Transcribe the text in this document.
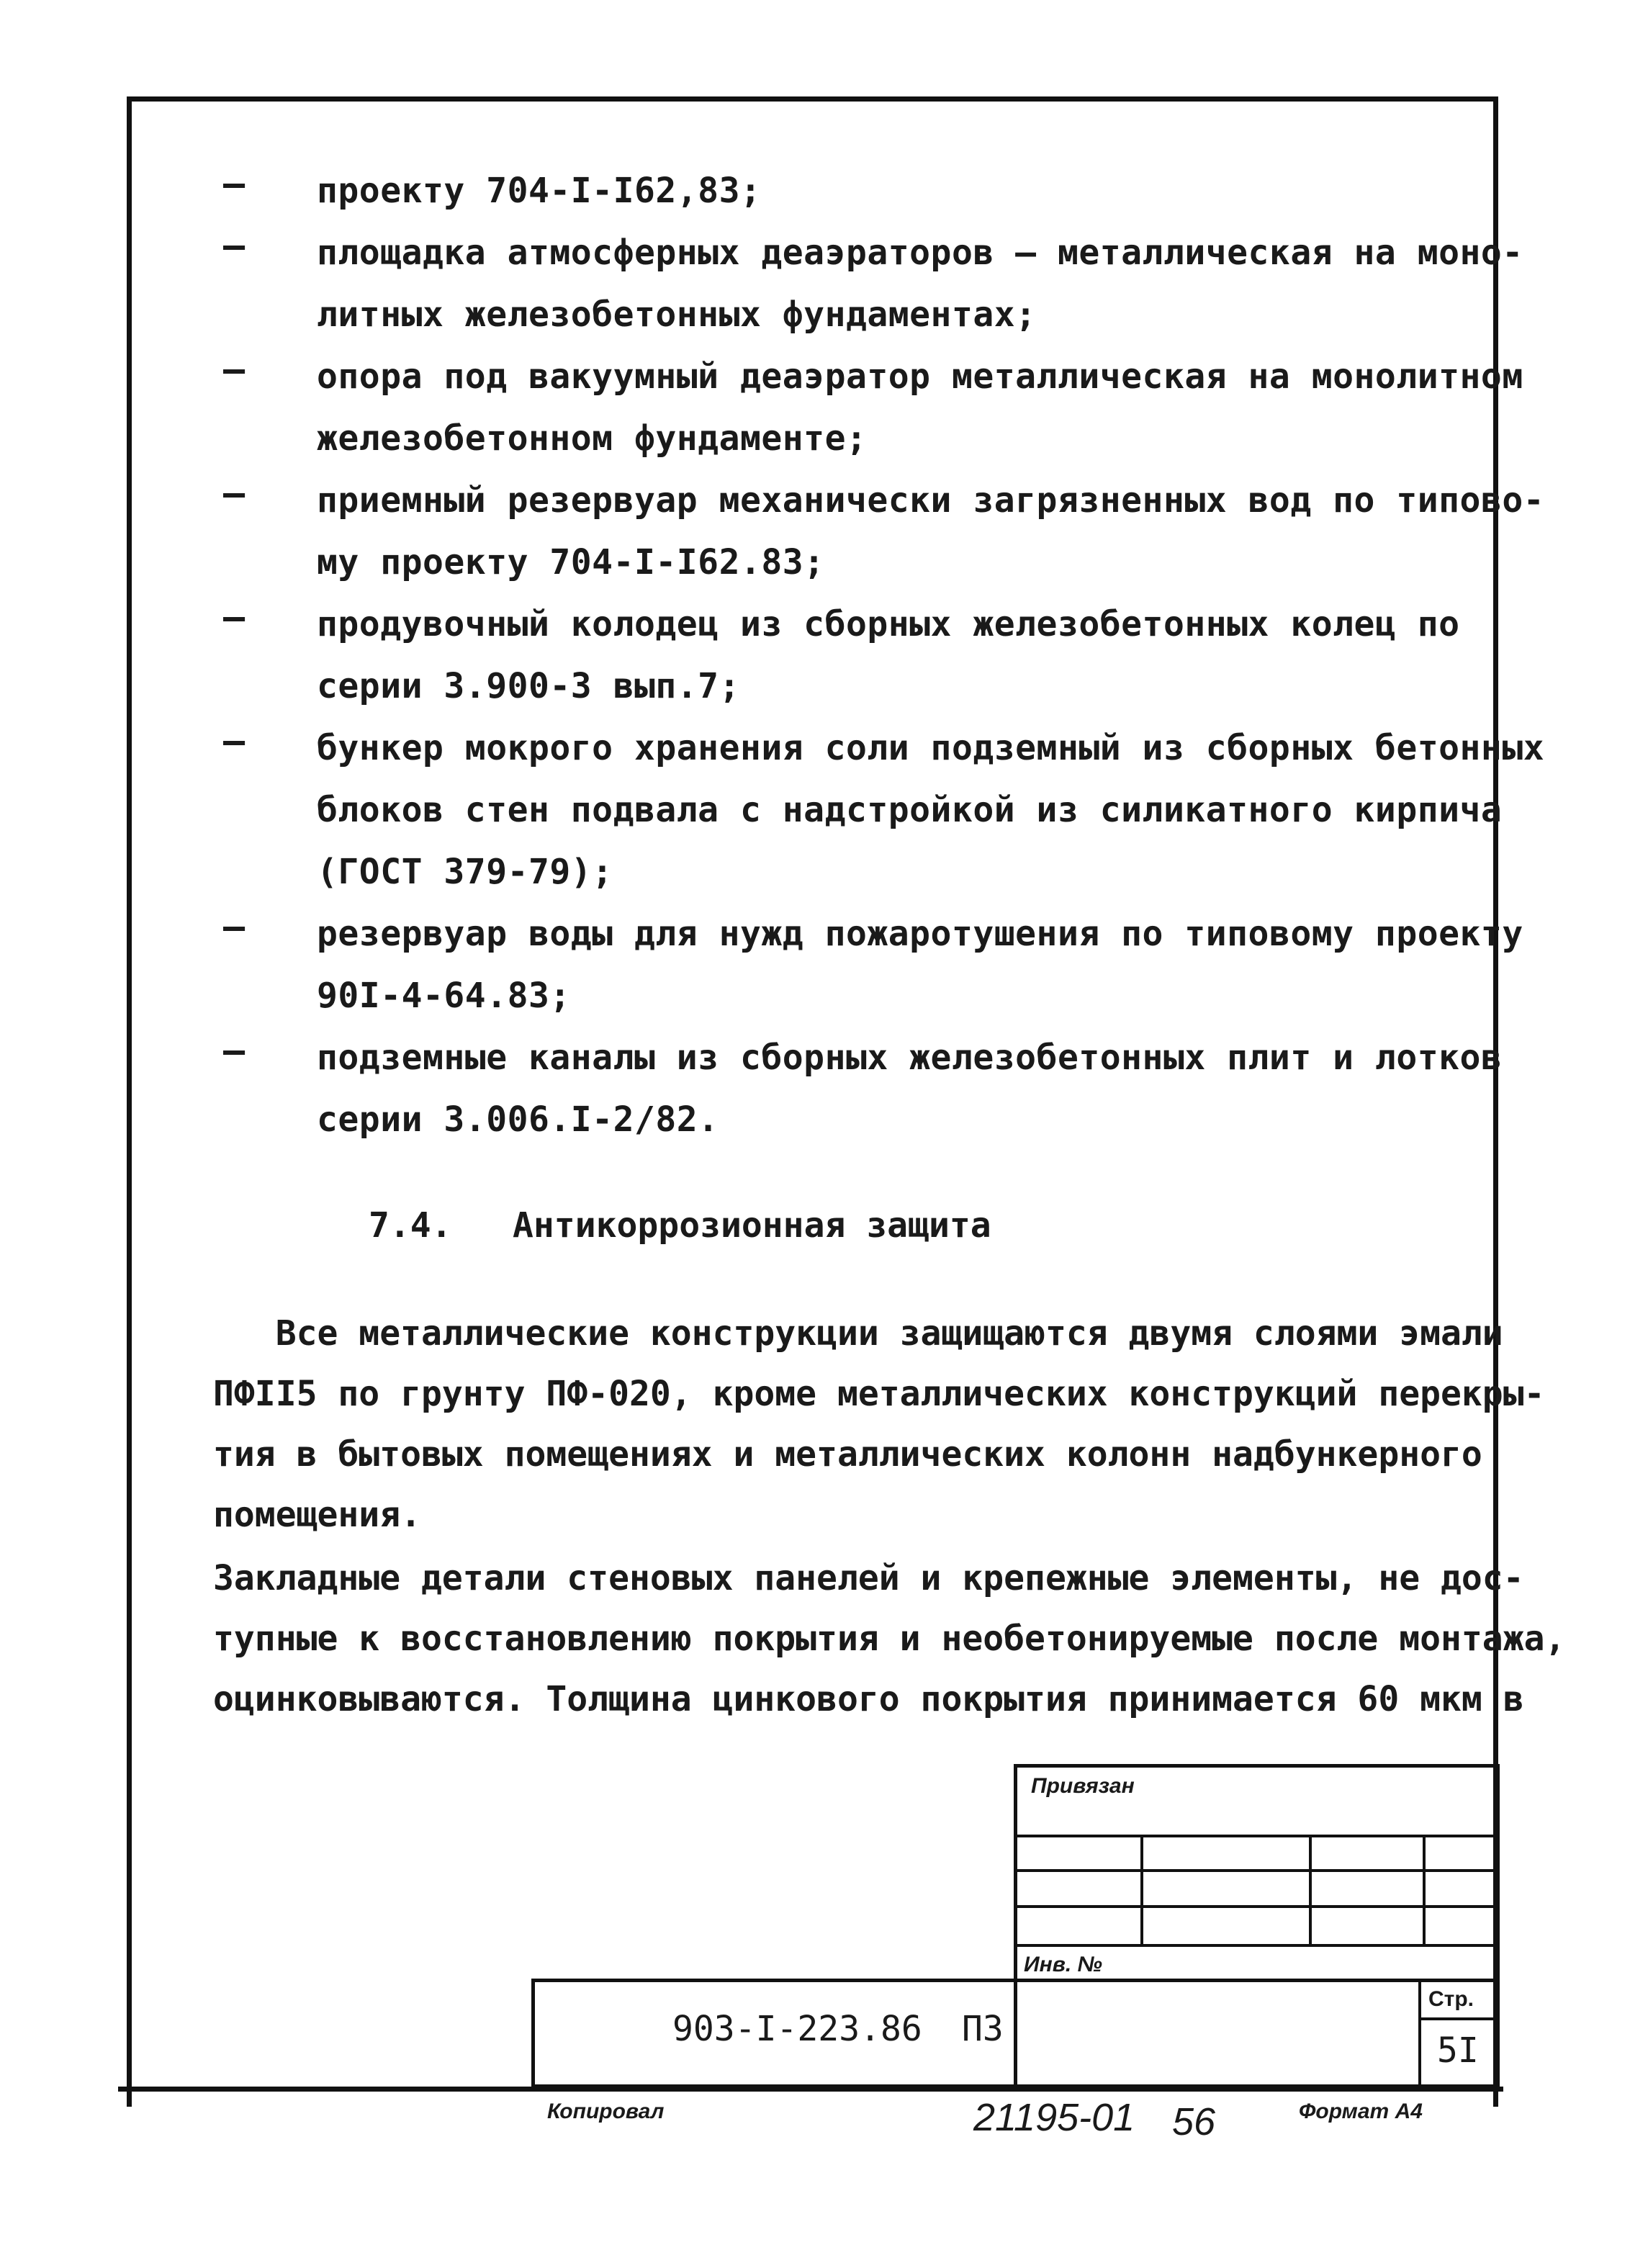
– проекту 704-I-I62,83;
– площадка атмосферных деаэраторов – металлическая на моно-
литных железобетонных фундаментах;
– опора под вакуумный деаэратор металлическая на монолитном
железобетонном фундаменте;
– приемный резервуар механически загрязненных вод по типово-
му проекту 704-I-I62.83;
– продувочный колодец из сборных железобетонных колец по
серии 3.900-3 вып.7;
– бункер мокрого хранения соли подземный из сборных бетонных
блоков стен подвала с надстройкой из силикатного кирпича
(ГОСТ 379-79);
– резервуар воды для нужд пожаротушения по типовому проекту
90I-4-64.83;
– подземные каналы из сборных железобетонных плит и лотков
серии 3.006.I-2/82.
7.4. Антикоррозионная защита
Все металлические конструкции защищаются двумя слоями эмали
ПФII5 по грунту ПФ-020, кроме металлических конструкций перекры-
тия в бытовых помещениях и металлических колонн надбункерного
помещения.
Закладные детали стеновых панелей и крепежные элементы, не дос-
тупные к восстановлению покрытия и необетонируемые после монтажа,
оцинковываются. Толщина цинкового покрытия принимается 60 мкм в
Привязан
Инв. №
903-I-223.86 ПЗ
Стр.
5I
Копировал	21195-01 56	Формат А4
